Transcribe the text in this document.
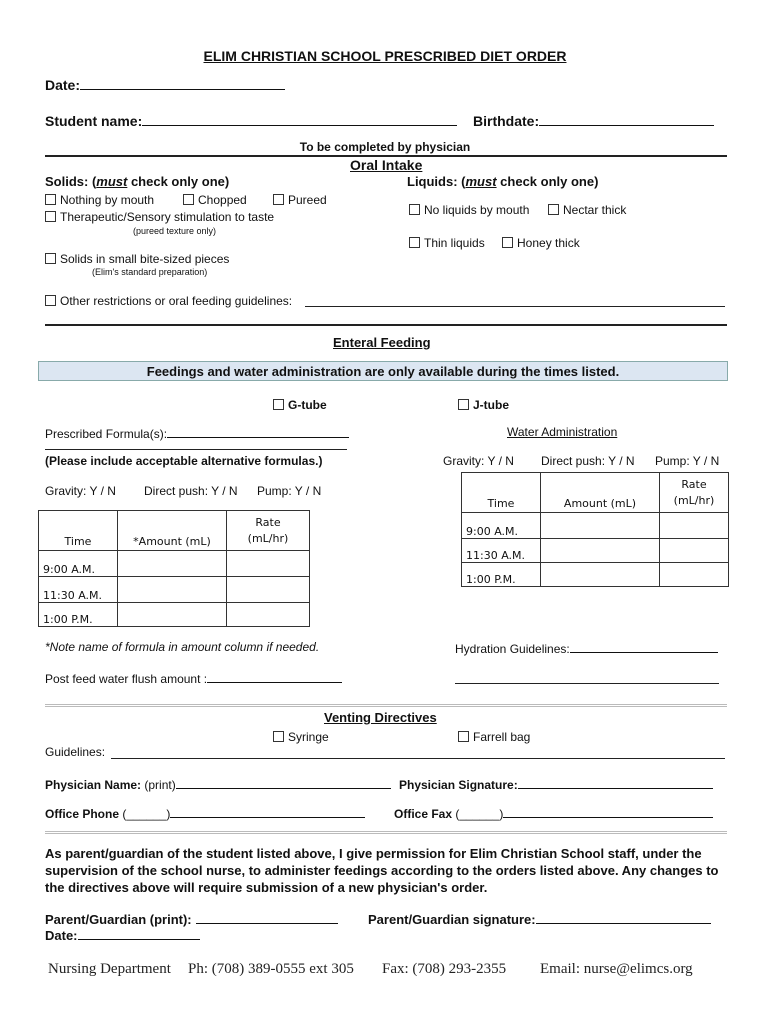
ELIM CHRISTIAN SCHOOL PRESCRIBED DIET ORDER
Date:
Student name:	Birthdate:
To be completed by physician
Oral Intake
Solids: (must check only one)	Liquids: (must check only one)
Nothing by mouth	Chopped	Pureed
Therapeutic/Sensory stimulation to taste
(pureed texture only)
No liquids by mouth	Nectar thick
Thin liquids	Honey thick
Solids in small bite-sized pieces
(Elim's standard preparation)
Other restrictions or oral feeding guidelines:
Enteral Feeding
Feedings and water administration are only available during the times listed.
G-tube	J-tube
Prescribed Formula(s):
(Please include acceptable alternative formulas.)
Water Administration
Gravity: Y / N Direct push: Y / N Pump: Y / N
Gravity: Y / N Direct push: Y / N Pump: Y / N
Time	*Amount (mL)	Rate
(mL/hr)
9:00 A.M.		
11:30 A.M.		
1:00 P.M.		
Time	Amount (mL)	Rate
(mL/hr)
9:00 A.M.		
11:30 A.M.		
1:00 P.M.		
*Note name of formula in amount column if needed.	Hydration Guidelines:
Post feed water flush amount :
Venting Directives
Syringe	Farrell bag
Guidelines:
Physician Name: (print)	Physician Signature:
Office Phone (______)	Office Fax (______)
As parent/guardian of the student listed above, I give permission for Elim Christian School staff, under the supervision of the school nurse, to administer feedings according to the orders listed above. Any changes to the directives above will require submission of a new physician's order.
Parent/Guardian (print):	Parent/Guardian signature:
Date:
Nursing Department Ph: (708) 389-0555 ext 305 Fax: (708) 293-2355 Email: nurse@elimcs.org
